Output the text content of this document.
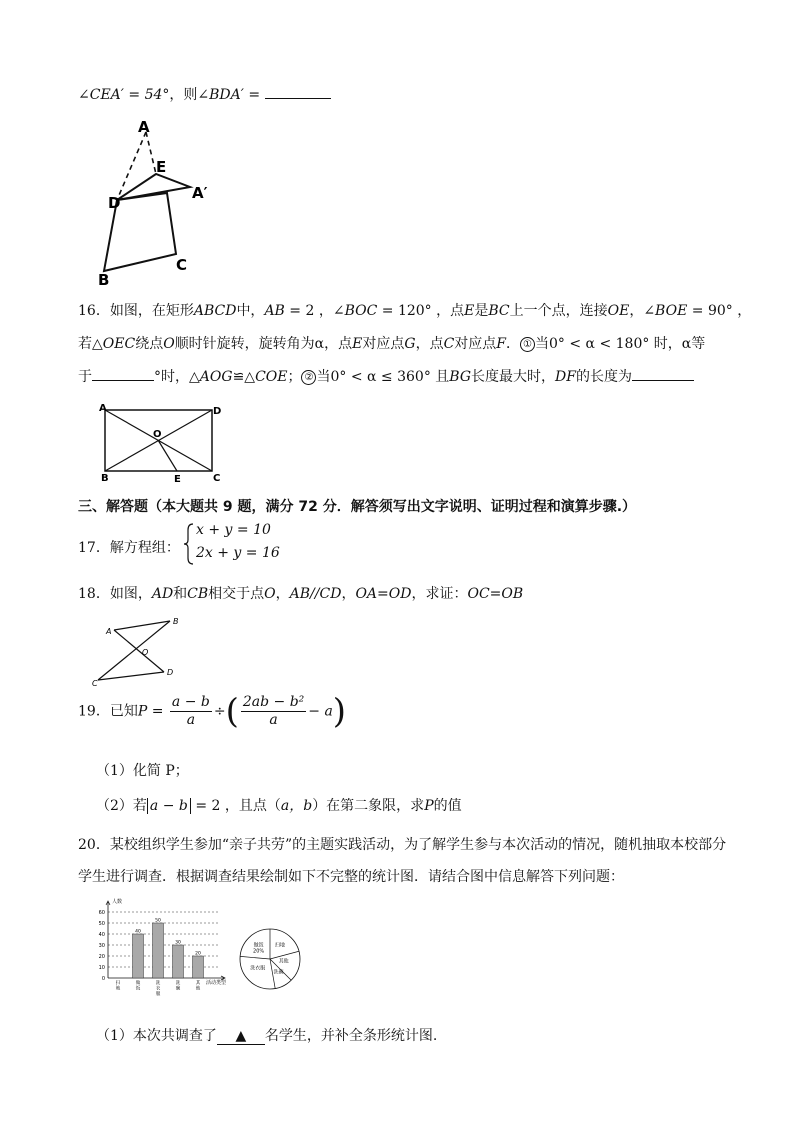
∠CEA′ = 54°，则∠BDA′ =
A
E
A′
D
B
C
16．如图，在矩形ABCD中，AB = 2 ，∠BOC = 120° ，点E是BC上一个点，连接OE，∠BOE = 90° ，
若△OEC绕点O顺时针旋转，旋转角为α，点E对应点G，点C对应点F． ① 当0° < α < 180° 时，α等
于	°时，△AOG≌△COE； ② 当0° < α ≤ 360° 且BG长度最大时，DF的长度为
A	D
O
B	E	C
三、解答题（本大题共 9 题，满分 72 分．解答须写出文字说明、证明过程和演算步骤.）
17．解方程组：
x + y = 10
2x + y = 16
18．如图，AD和CB相交于点O，AB//CD，OA=OD，求证：OC=OB
A
B
O
C
D
19．已知$P = \frac{a - b}{a}$ ÷( $\frac{\text{2ab − b²}}{a} - a$)
（1）化简 P；
（2）若 a − b = 2 ，且点（a，b）在第二象限，求P的值
20．某校组织学生参加“亲子共劳”的主题实践活动，为了解学生参与本次活动的情况，随机抽取本校部分
学生进行调查．根据调查结果绘制如下不完整的统计图．请结合图中信息解答下列问题：
0
10
20
30
40
50
60
人数
活动类型
扫
地
40
做
饭
50
洗
衣
服
30
洗
碗
20
其
他
做饭
20%
扫地
其他
洗碗
洗衣服
（1）本次共调查了 ▲ 名学生，并补全条形统计图.
